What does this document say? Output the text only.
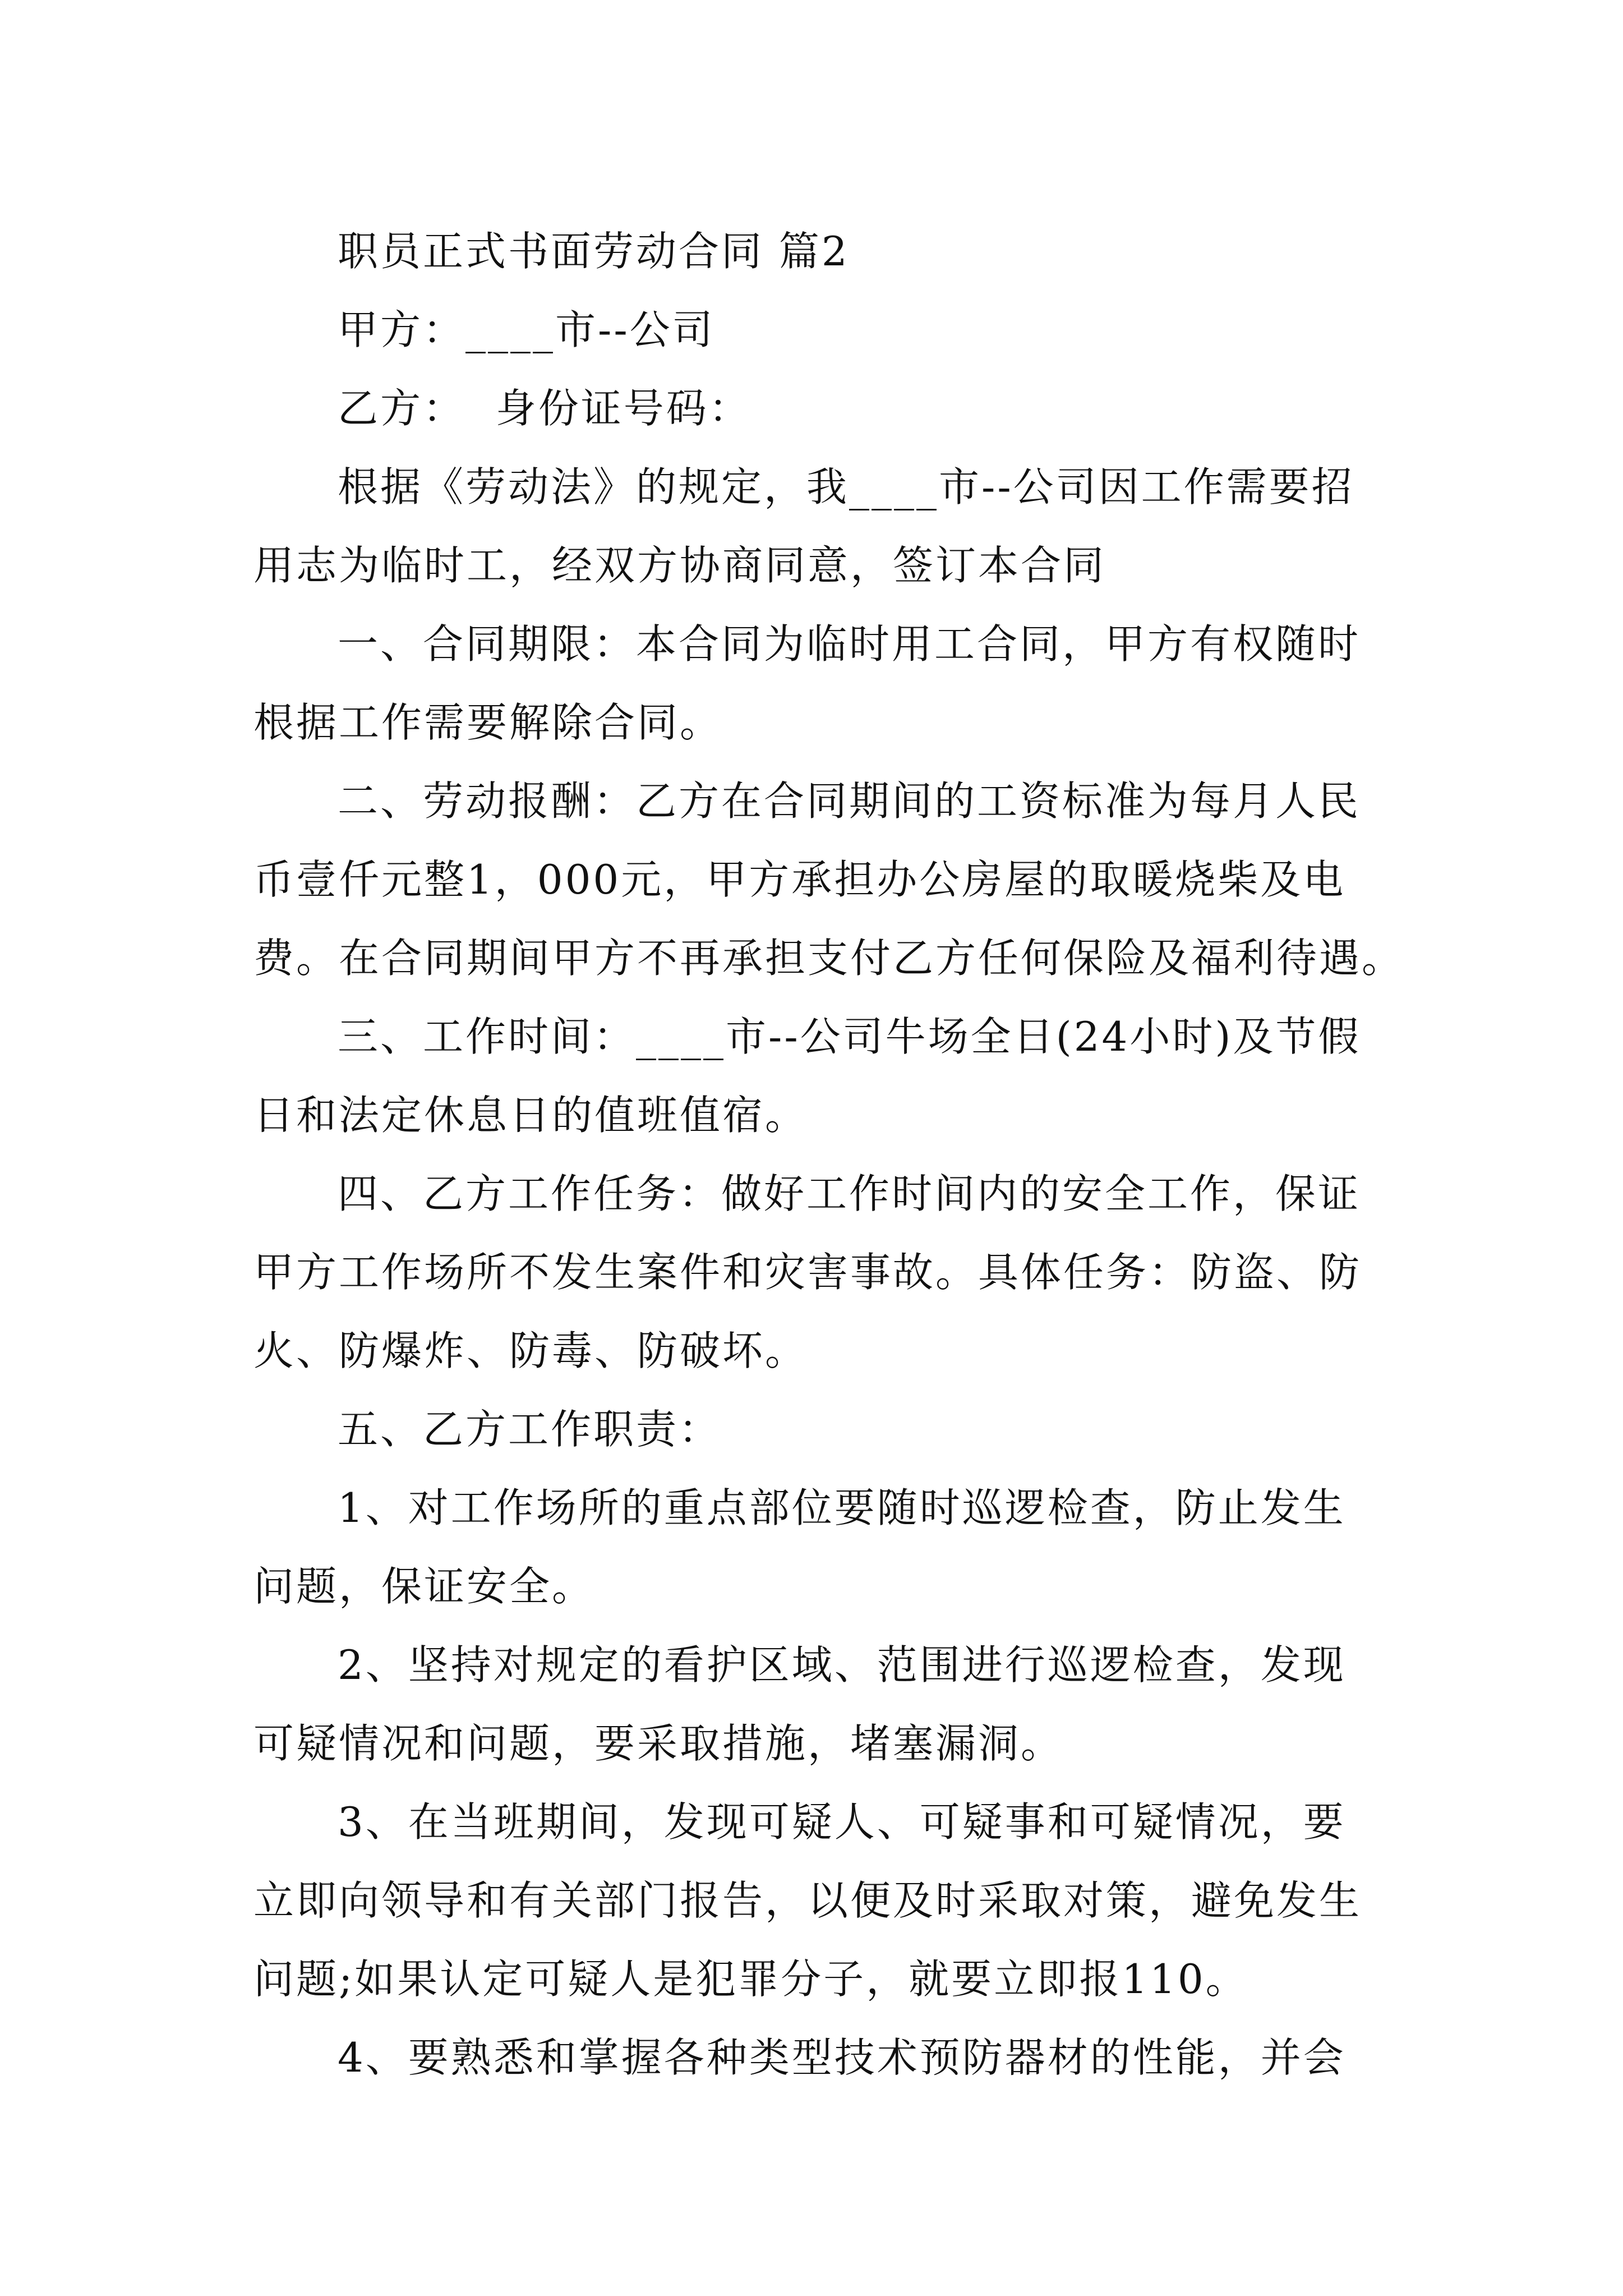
职员正式书面劳动合同 篇2
甲方：____市--公司
乙方：  身份证号码：
根据《劳动法》的规定，我____市--公司因工作需要招
用志为临时工，经双方协商同意，签订本合同
一、合同期限：本合同为临时用工合同，甲方有权随时
根据工作需要解除合同。
二、劳动报酬：乙方在合同期间的工资标准为每月人民
币壹仟元整1，000元，甲方承担办公房屋的取暖烧柴及电
费。在合同期间甲方不再承担支付乙方任何保险及福利待遇。
三、工作时间：____市--公司牛场全日(24小时)及节假
日和法定休息日的值班值宿。
四、乙方工作任务：做好工作时间内的安全工作，保证
甲方工作场所不发生案件和灾害事故。具体任务：防盗、防
火、防爆炸、防毒、防破坏。
五、乙方工作职责：
1、对工作场所的重点部位要随时巡逻检查，防止发生
问题，保证安全。
2、坚持对规定的看护区域、范围进行巡逻检查，发现
可疑情况和问题，要采取措施，堵塞漏洞。
3、在当班期间，发现可疑人、可疑事和可疑情况，要
立即向领导和有关部门报告，以便及时采取对策，避免发生
问题;如果认定可疑人是犯罪分子，就要立即报110。
4、要熟悉和掌握各种类型技术预防器材的性能，并会
